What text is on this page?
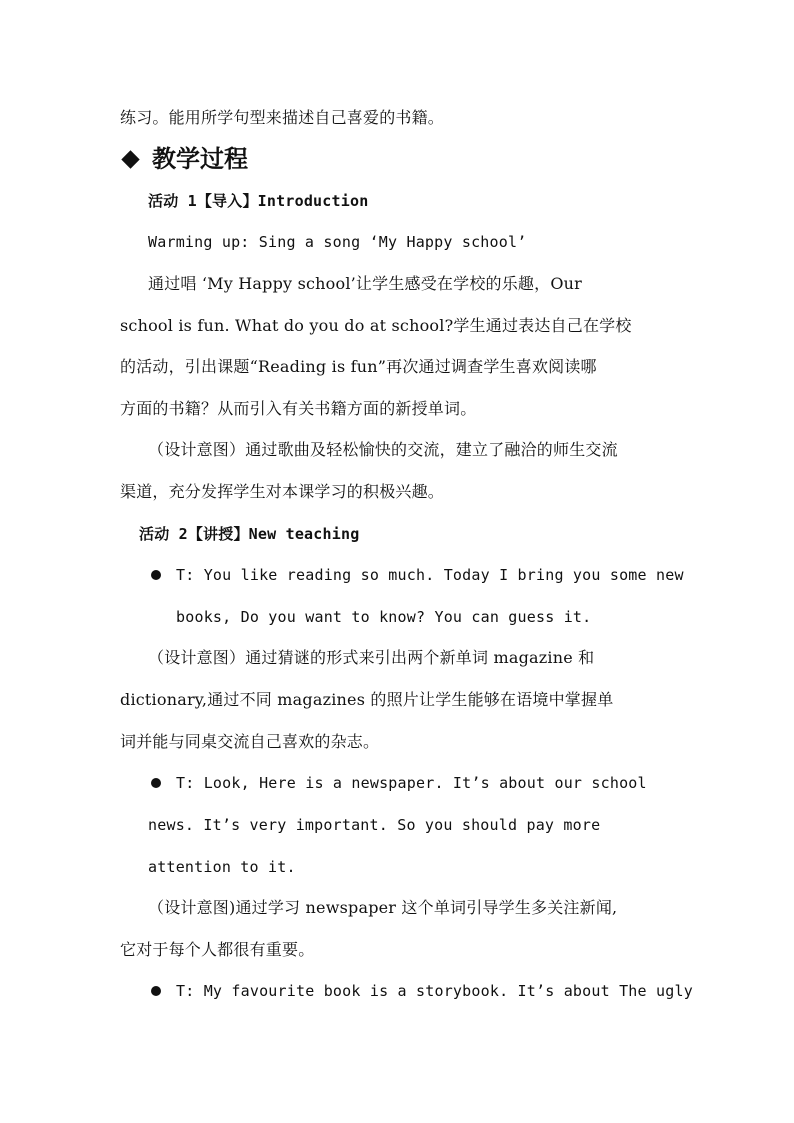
练习。能用所学句型来描述自己喜爱的书籍。
教学过程
活动 1【导入】Introduction
Warming up: Sing a song ‘My Happy school’
通过唱 ‘My Happy school’让学生感受在学校的乐趣，Our
school is fun. What do you do at school?学生通过表达自己在学校
的活动，引出课题“Reading is fun”再次通过调查学生喜欢阅读哪
方面的书籍？从而引入有关书籍方面的新授单词。
（设计意图）通过歌曲及轻松愉快的交流，建立了融洽的师生交流
渠道，充分发挥学生对本课学习的积极兴趣。
活动 2【讲授】New teaching
T: You like reading so much. Today I bring you some new
books, Do you want to know? You can guess it.
（设计意图）通过猜谜的形式来引出两个新单词 magazine 和
dictionary,通过不同 magazines 的照片让学生能够在语境中掌握单
词并能与同桌交流自己喜欢的杂志。
T: Look, Here is a newspaper. It’s about our school
news. It’s very important. So you should pay more
attention to it.
（设计意图)通过学习 newspaper 这个单词引导学生多关注新闻,
它对于每个人都很有重要。
T: My favourite book is a storybook. It’s about The ugly
